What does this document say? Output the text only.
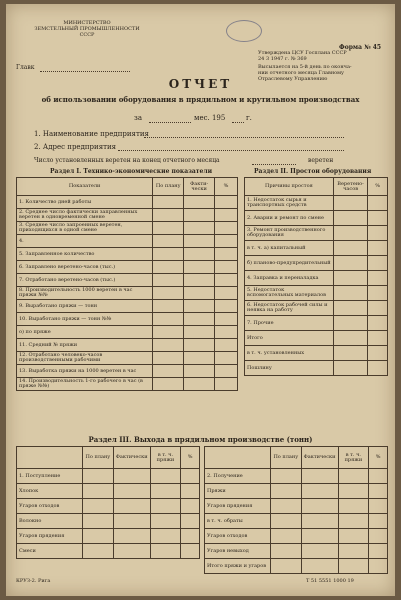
МИНИСТЕРСТВО
ЗЕМСТЕЛЬНЫЙ ПРОМЫШЛЕННОСТИ
СССР
Главк
Форма № 45
Утверждена ЦСУ Госплана СССР
24 3 1947 г. № 369
Высылается на 5-й день по оконча-
нии отчетного месяца Главному
Отраслевому Управлению
ОТЧЕТ
об использовании оборудования в прядильном и крутильном производствах
за	мес. 195	г.
1. Наименование предприятия
2. Адрес предприятия
Число установленных веретен на конец отчетного месяца	веретен
Раздел I. Технико-экономические показатели	Раздел II. Простои оборудования
Показатели	По плану	Факти-чески	%
1. Количество дней работы			
2. Среднее число фактически заправленных веретен в одновременной смене			
3. Среднее число запроенных веретен, приходящихся в одной смене			
4.			
5. Заправленное количество			
6. Заправлено веретено-часов (тыс.)			
7. Отработано веретено-часов (тыс.)			
8. Производительность 1000 веретен в час пряжи №№			
9. Выработано пряжи — тонн			
10. Выработано пряжи — тонн №№			
о) по пряже			
11. Средний № пряжи			
12. Отработано человеко-часов производственными рабочими			
13. Выработка пряжи на 1000 веретен в час			
14. Производительность 1-го рабочего в час (в пряже №№)			
Причины простоя	Веретено-часов	%
1. Недостаток сырья и транспортных средств		
2. Аварии и ремонт по смене		
3. Ремонт производственного оборудования		
в т. ч. а) капитальный		
б) планово-предупредительный		
4. Заправка и переналадка		
5. Недостаток вспомогательных материалов		
6. Недостаток рабочей силы и неявка на работу		
7. Прочие		
Итого		
в т. ч. установленных		
Пошлину		
Раздел III. Выхода в прядильном производстве (тонн)
	По плану	Фактически	в т. ч. пряжи	%
1. Поступление				
Хлопок				
Угаров отходов				
Волокно				
Угаров прядения				
Смеси				
	По плану	Фактически	в т. ч. пряжи	%
2. Получение				
Пряжи				
Угаров прядения				
в т. ч. обраты				
Угаров отходов				
Угаров невыход				
Итого пряжи и угаров				
КРУЗ-2. Рига	Т 51 5551 1000 19
